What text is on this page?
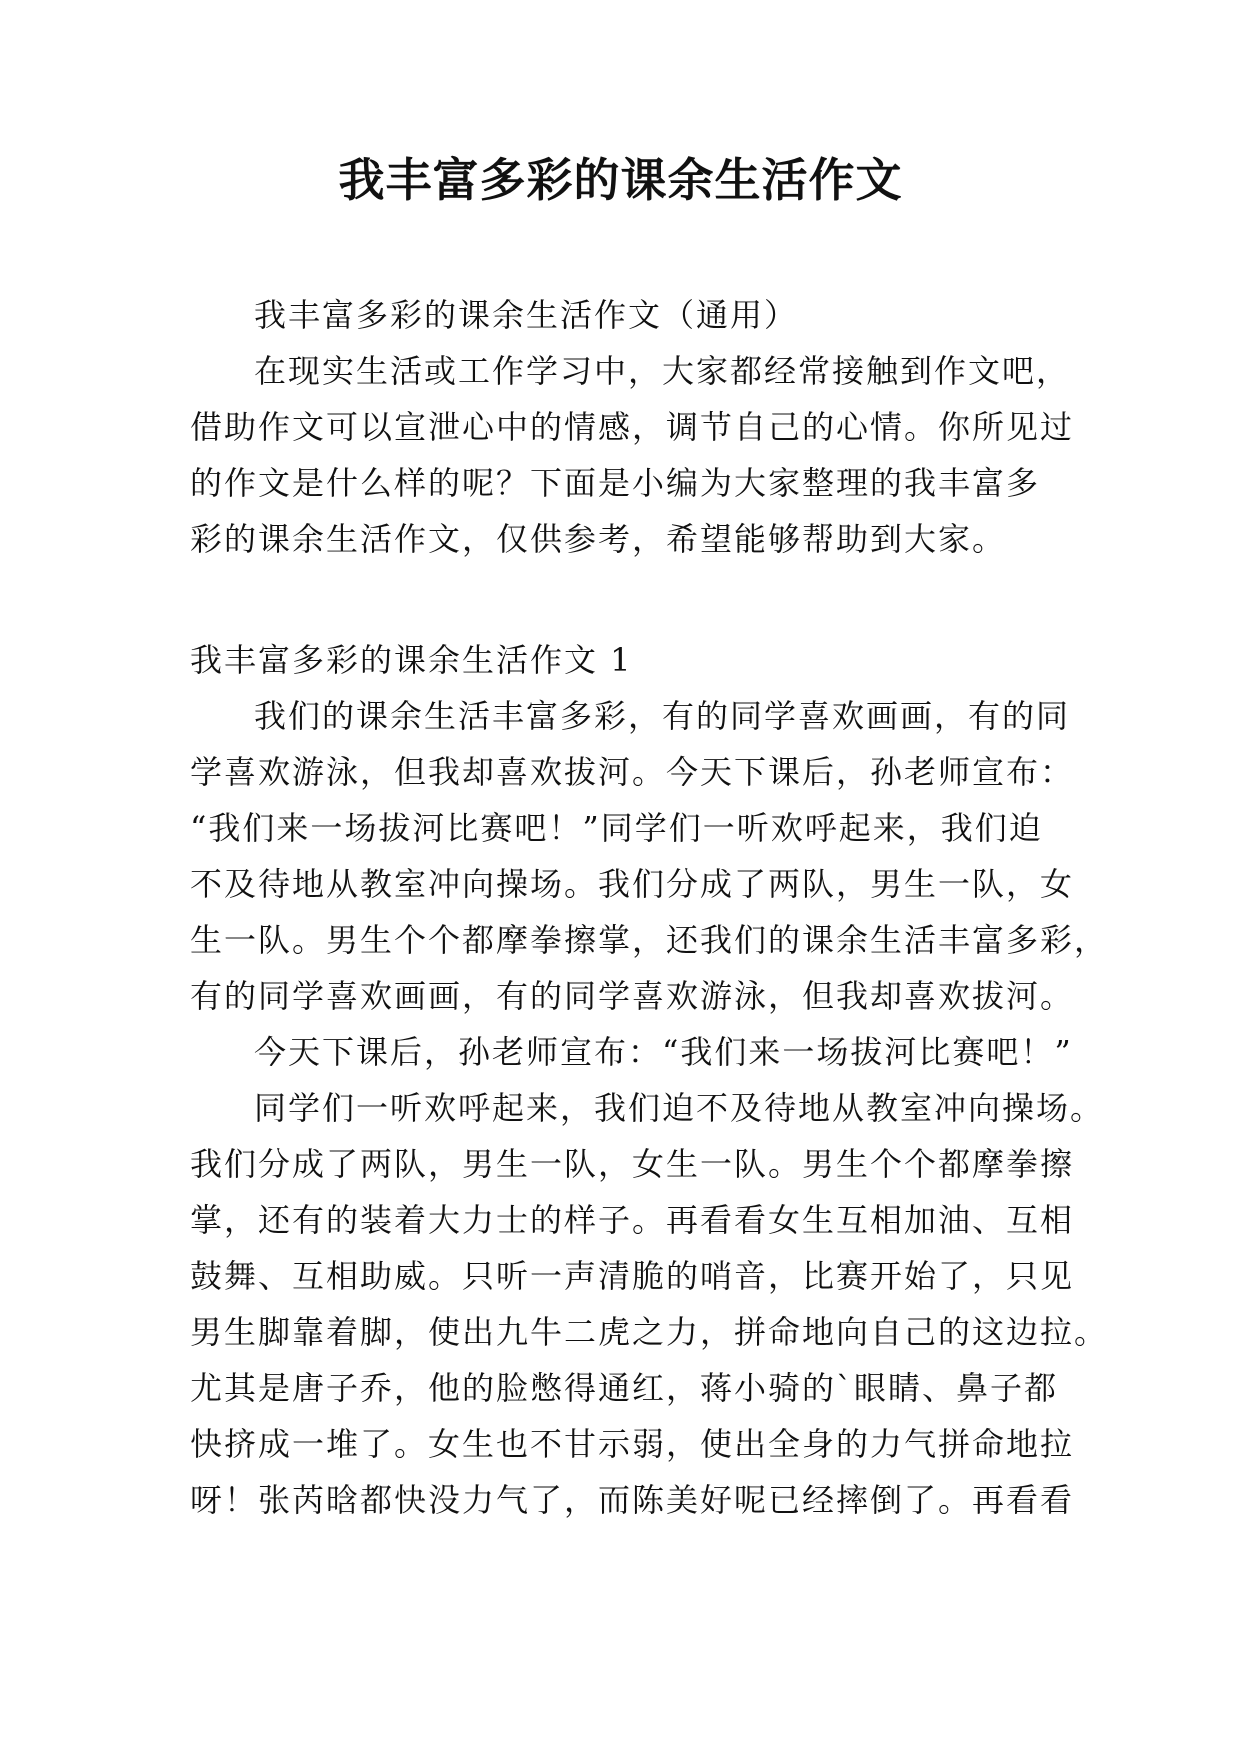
我丰富多彩的课余生活作文
我丰富多彩的课余生活作文（通用）
在现实生活或工作学习中，大家都经常接触到作文吧，
借助作文可以宣泄心中的情感，调节自己的心情。你所见过
的作文是什么样的呢？下面是小编为大家整理的我丰富多
彩的课余生活作文，仅供参考，希望能够帮助到大家。
我丰富多彩的课余生活作文 1
我们的课余生活丰富多彩，有的同学喜欢画画，有的同
学喜欢游泳，但我却喜欢拔河。今天下课后，孙老师宣布：
“我们来一场拔河比赛吧！”同学们一听欢呼起来，我们迫
不及待地从教室冲向操场。我们分成了两队，男生一队，女
生一队。男生个个都摩拳擦掌，还我们的课余生活丰富多彩，
有的同学喜欢画画，有的同学喜欢游泳，但我却喜欢拔河。
今天下课后，孙老师宣布：“我们来一场拔河比赛吧！”
同学们一听欢呼起来，我们迫不及待地从教室冲向操场。
我们分成了两队，男生一队，女生一队。男生个个都摩拳擦
掌，还有的装着大力士的样子。再看看女生互相加油、互相
鼓舞、互相助威。只听一声清脆的哨音，比赛开始了，只见
男生脚靠着脚，使出九牛二虎之力，拼命地向自己的这边拉。
尤其是唐子乔，他的脸憋得通红，蒋小骑的`眼睛、鼻子都
快挤成一堆了。女生也不甘示弱，使出全身的力气拼命地拉
呀！张芮晗都快没力气了，而陈美好呢已经摔倒了。再看看
